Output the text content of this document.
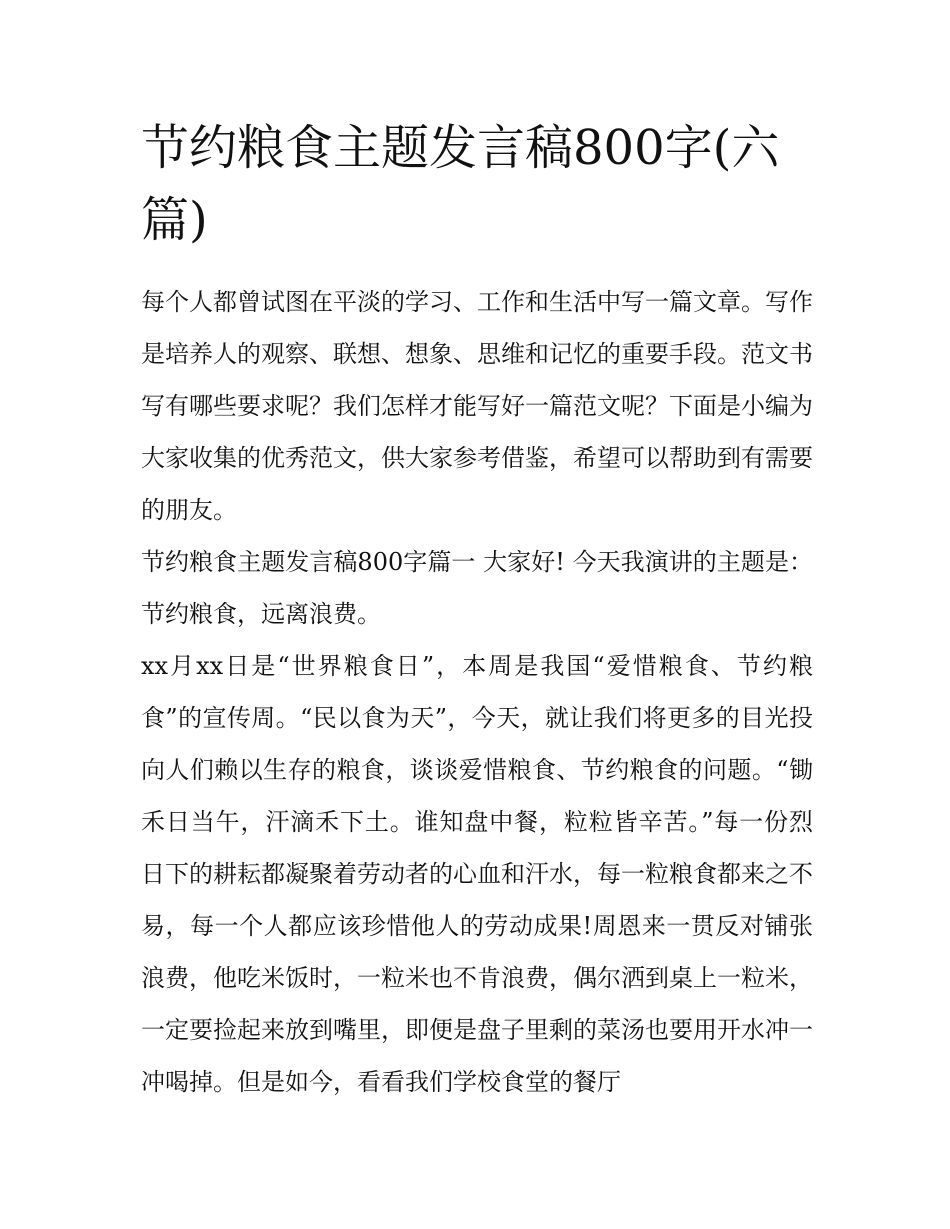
节约粮食主题发言稿800字(六篇)

每个人都曾试图在平淡的学习、工作和生活中写一篇文章。写作是培养人的观察、联想、想象、思维和记忆的重要手段。范文书写有哪些要求呢？我们怎样才能写好一篇范文呢？下面是小编为大家收集的优秀范文，供大家参考借鉴，希望可以帮助到有需要的朋友。

节约粮食主题发言稿800字篇一 大家好! 今天我演讲的主题是：节约粮食，远离浪费。

xx月xx日是“世界粮食日”，本周是我国“爱惜粮食、节约粮食”的宣传周。“民以食为天”，今天，就让我们将更多的目光投向人们赖以生存的粮食，谈谈爱惜粮食、节约粮食的问题。“锄禾日当午，汗滴禾下土。谁知盘中餐，粒粒皆辛苦。”每一份烈日下的耕耘都凝聚着劳动者的心血和汗水，每一粒粮食都来之不易，每一个人都应该珍惜他人的劳动成果!周恩来一贯反对铺张浪费，他吃米饭时，一粒米也不肯浪费，偶尔洒到桌上一粒米，一定要捡起来放到嘴里，即便是盘子里剩的菜汤也要用开水冲一冲喝掉。但是如今，看看我们学校食堂的餐厅
